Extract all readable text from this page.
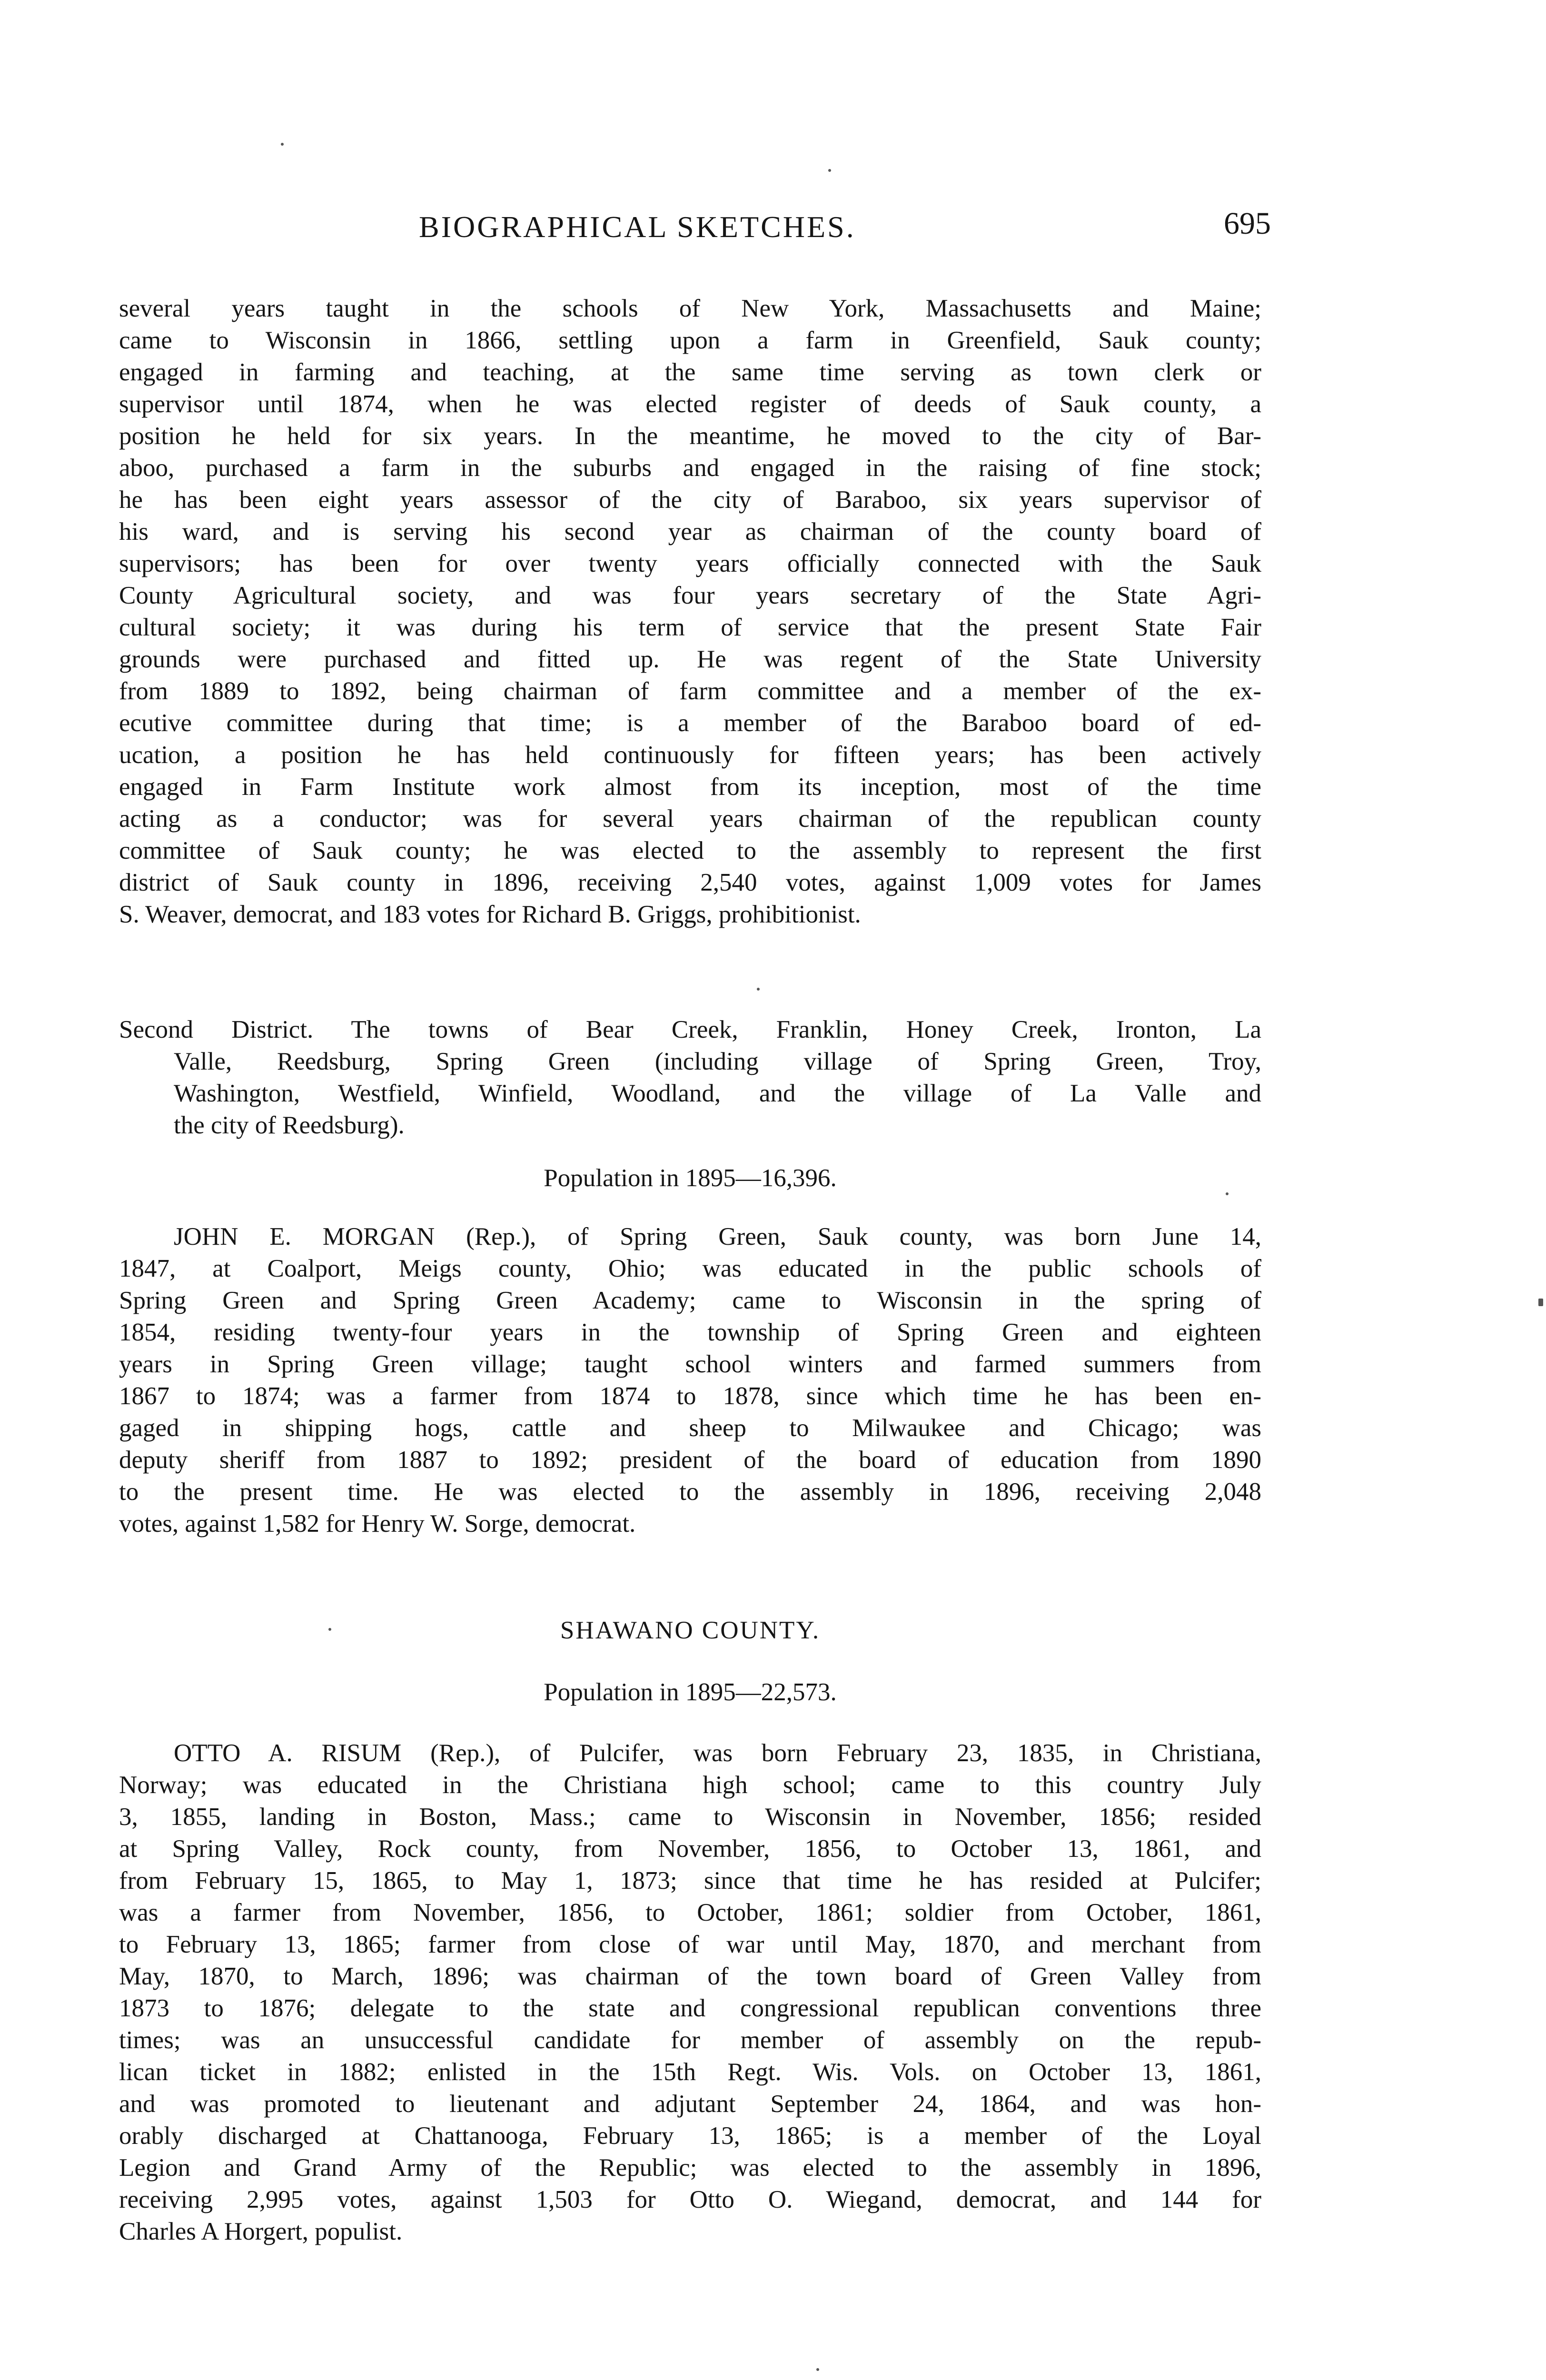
BIOGRAPHICAL SKETCHES.	695
several years taught in the schools of New York, Massachusetts and Maine;
came to Wisconsin in 1866, settling upon a farm in Greenfield, Sauk county;
engaged in farming and teaching, at the same time serving as town clerk or
supervisor until 1874, when he was elected register of deeds of Sauk county, a
position he held for six years. In the meantime, he moved to the city of Bar-
aboo, purchased a farm in the suburbs and engaged in the raising of fine stock;
he has been eight years assessor of the city of Baraboo, six years supervisor of
his ward, and is serving his second year as chairman of the county board of
supervisors; has been for over twenty years officially connected with the Sauk
County Agricultural society, and was four years secretary of the State Agri-
cultural society; it was during his term of service that the present State Fair
grounds were purchased and fitted up. He was regent of the State University
from 1889 to 1892, being chairman of farm committee and a member of the ex-
ecutive committee during that time; is a member of the Baraboo board of ed-
ucation, a position he has held continuously for fifteen years; has been actively
engaged in Farm Institute work almost from its inception, most of the time
acting as a conductor; was for several years chairman of the republican county
committee of Sauk county; he was elected to the assembly to represent the first
district of Sauk county in 1896, receiving 2,540 votes, against 1,009 votes for James
S. Weaver, democrat, and 183 votes for Richard B. Griggs, prohibitionist.
Second District. The towns of Bear Creek, Franklin, Honey Creek, Ironton, La
Valle, Reedsburg, Spring Green (including village of Spring Green, Troy,
Washington, Westfield, Winfield, Woodland, and the village of La Valle and
the city of Reedsburg).
Population in 1895—16,396.
JOHN E. MORGAN (Rep.), of Spring Green, Sauk county, was born June 14,
1847, at Coalport, Meigs county, Ohio; was educated in the public schools of
Spring Green and Spring Green Academy; came to Wisconsin in the spring of
1854, residing twenty-four years in the township of Spring Green and eighteen
years in Spring Green village; taught school winters and farmed summers from
1867 to 1874; was a farmer from 1874 to 1878, since which time he has been en-
gaged in shipping hogs, cattle and sheep to Milwaukee and Chicago; was
deputy sheriff from 1887 to 1892; president of the board of education from 1890
to the present time. He was elected to the assembly in 1896, receiving 2,048
votes, against 1,582 for Henry W. Sorge, democrat.
SHAWANO COUNTY.
Population in 1895—22,573.
OTTO A. RISUM (Rep.), of Pulcifer, was born February 23, 1835, in Christiana,
Norway; was educated in the Christiana high school; came to this country July
3, 1855, landing in Boston, Mass.; came to Wisconsin in November, 1856; resided
at Spring Valley, Rock county, from November, 1856, to October 13, 1861, and
from February 15, 1865, to May 1, 1873; since that time he has resided at Pulcifer;
was a farmer from November, 1856, to October, 1861; soldier from October, 1861,
to February 13, 1865; farmer from close of war until May, 1870, and merchant from
May, 1870, to March, 1896; was chairman of the town board of Green Valley from
1873 to 1876; delegate to the state and congressional republican conventions three
times; was an unsuccessful candidate for member of assembly on the repub-
lican ticket in 1882; enlisted in the 15th Regt. Wis. Vols. on October 13, 1861,
and was promoted to lieutenant and adjutant September 24, 1864, and was hon-
orably discharged at Chattanooga, February 13, 1865; is a member of the Loyal
Legion and Grand Army of the Republic; was elected to the assembly in 1896,
receiving 2,995 votes, against 1,503 for Otto O. Wiegand, democrat, and 144 for
Charles A Horgert, populist.
